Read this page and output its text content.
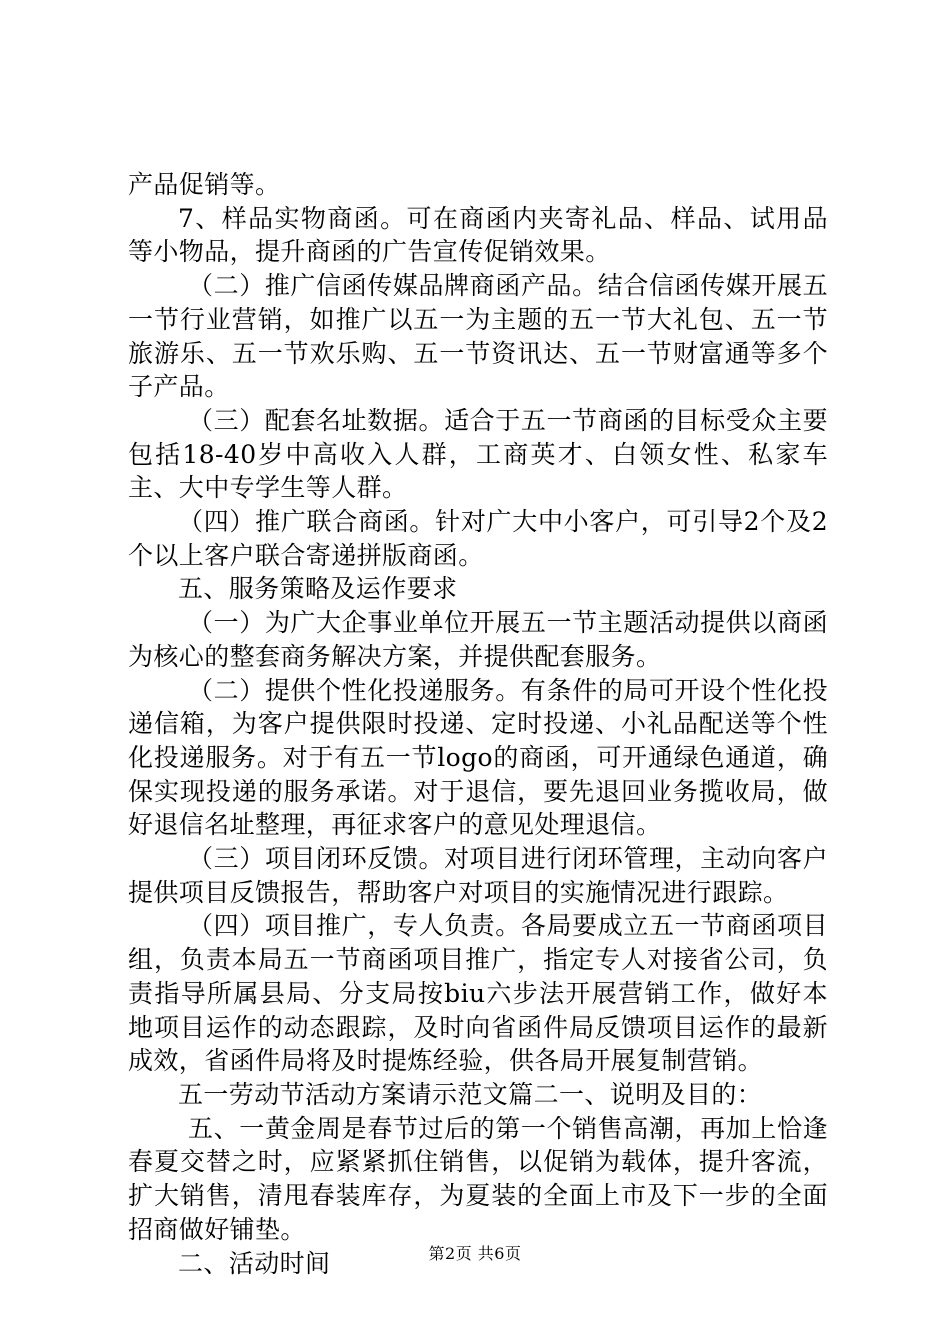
产品促销等。

7、样品实物商函。可在商函内夹寄礼品、样品、试用品等小物品，提升商函的广告宣传促销效果。

（二）推广信函传媒品牌商函产品。结合信函传媒开展五一节行业营销，如推广以五一为主题的五一节大礼包、五一节旅游乐、五一节欢乐购、五一节资讯达、五一节财富通等多个子产品。

（三）配套名址数据。适合于五一节商函的目标受众主要包括18-40岁中高收入人群，工商英才、白领女性、私家车主、大中专学生等人群。

（四）推广联合商函。针对广大中小客户，可引导2个及2个以上客户联合寄递拼版商函。

五、服务策略及运作要求

（一）为广大企事业单位开展五一节主题活动提供以商函为核心的整套商务解决方案，并提供配套服务。

（二）提供个性化投递服务。有条件的局可开设个性化投递信箱，为客户提供限时投递、定时投递、小礼品配送等个性化投递服务。对于有五一节logo的商函，可开通绿色通道，确保实现投递的服务承诺。对于退信，要先退回业务揽收局，做好退信名址整理，再征求客户的意见处理退信。

（三）项目闭环反馈。对项目进行闭环管理，主动向客户提供项目反馈报告，帮助客户对项目的实施情况进行跟踪。

（四）项目推广，专人负责。各局要成立五一节商函项目组，负责本局五一节商函项目推广，指定专人对接省公司，负责指导所属县局、分支局按biu六步法开展营销工作，做好本地项目运作的动态跟踪，及时向省函件局反馈项目运作的最新成效，省函件局将及时提炼经验，供各局开展复制营销。

五一劳动节活动方案请示范文篇二一、说明及目的：

五、一黄金周是春节过后的第一个销售高潮，再加上恰逢春夏交替之时，应紧紧抓住销售，以促销为载体，提升客流，扩大销售，清甩春装库存，为夏装的全面上市及下一步的全面招商做好铺垫。

二、活动时间	第2页 共6页
